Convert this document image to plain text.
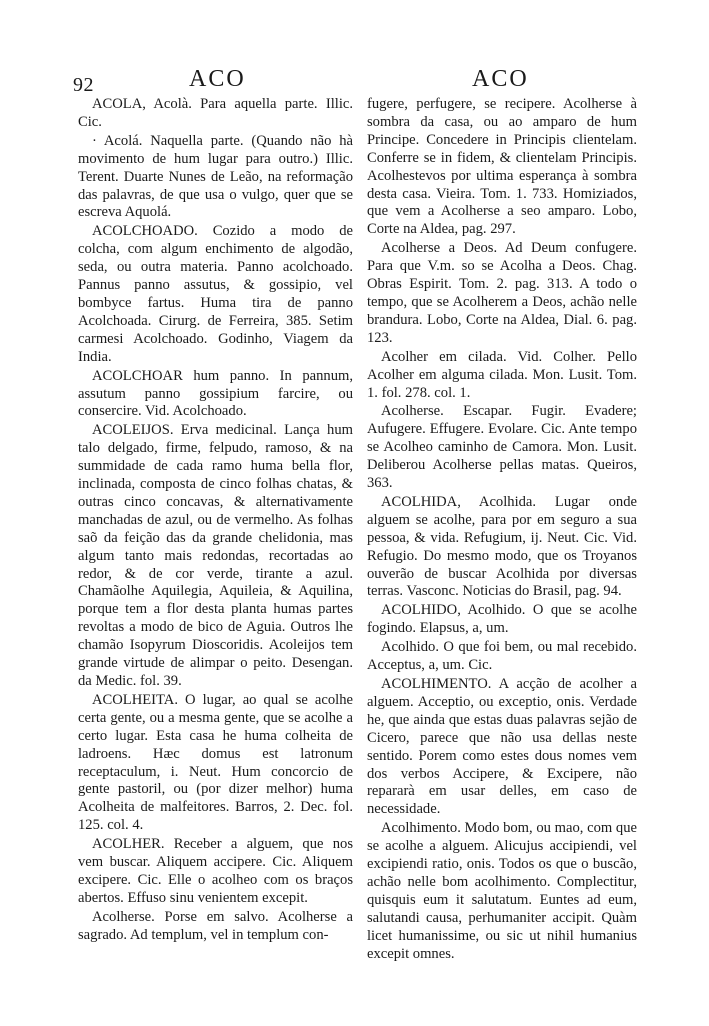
92	ACO	ACO

ACOLA, Acolà. Para aquella parte. Illic. Cic.

· Acolá. Naquella parte. (Quando não hà movimento de hum lugar para outro.) Illic. Terent. Duarte Nunes de Leão, na reformação das palavras, de que usa o vulgo, quer que se escreva Aquolá.

ACOLCHOADO. Cozido a modo de colcha, com algum enchimento de algodão, seda, ou outra materia. Panno acolchoado. Pannus panno assutus, & gossipio, vel bombyce fartus. Huma tira de panno Acolchoada. Cirurg. de Ferreira, 385. Setim carmesi Acolchoado. Godinho, Viagem da India.

ACOLCHOAR hum panno. In pannum, assutum panno gossipium farcire, ou consercire. Vid. Acolchoado.

ACOLEIJOS. Erva medicinal. Lança hum talo delgado, firme, felpudo, ramoso, & na summidade de cada ramo huma bella flor, inclinada, composta de cinco folhas chatas, & outras cinco concavas, & alternativamente manchadas de azul, ou de vermelho. As folhas saõ da feição das da grande chelidonia, mas algum tanto mais redondas, recortadas ao redor, & de cor verde, tirante a azul. Chamãolhe Aquilegia, Aquileia, & Aquilina, porque tem a flor desta planta humas partes revoltas a modo de bico de Aguia. Outros lhe chamão Isopyrum Dioscoridis. Acoleijos tem grande virtude de alimpar o peito. Desengan. da Medic. fol. 39.

ACOLHEITA. O lugar, ao qual se acolhe certa gente, ou a mesma gente, que se acolhe a certo lugar. Esta casa he huma colheita de ladroens. Hæc domus est latronum receptaculum, i. Neut. Hum concorcio de gente pastoril, ou (por dizer melhor) huma Acolheita de malfeitores. Barros, 2. Dec. fol. 125. col. 4.

ACOLHER. Receber a alguem, que nos vem buscar. Aliquem accipere. Cic. Aliquem excipere. Cic. Elle o acolheo com os braços abertos. Effuso sinu venientem excepit.

Acolherse. Porse em salvo. Acolherse a sagrado. Ad templum, vel in templum con-

fugere, perfugere, se recipere. Acolherse à sombra da casa, ou ao amparo de hum Principe. Concedere in Principis clientelam. Conferre se in fidem, & clientelam Principis. Acolhestevos por ultima esperança à sombra desta casa. Vieira. Tom. 1. 733. Homiziados, que vem a Acolherse a seo amparo. Lobo, Corte na Aldea, pag. 297.

Acolherse a Deos. Ad Deum confugere. Para que V.m. so se Acolha a Deos. Chag. Obras Espirit. Tom. 2. pag. 313. A todo o tempo, que se Acolherem a Deos, achão nelle brandura. Lobo, Corte na Aldea, Dial. 6. pag. 123.

Acolher em cilada. Vid. Colher. Pello Acolher em alguma cilada. Mon. Lusit. Tom. 1. fol. 278. col. 1.

Acolherse. Escapar. Fugir. Evadere; Aufugere. Effugere. Evolare. Cic. Ante tempo se Acolheo caminho de Camora. Mon. Lusit. Deliberou Acolherse pellas matas. Queiros, 363.

ACOLHIDA, Acolhida. Lugar onde alguem se acolhe, para por em seguro a sua pessoa, & vida. Refugium, ij. Neut. Cic. Vid. Refugio. Do mesmo modo, que os Troyanos ouverão de buscar Acolhida por diversas terras. Vasconc. Noticias do Brasil, pag. 94.

ACOLHIDO, Acolhido. O que se acolhe fogindo. Elapsus, a, um.

Acolhido. O que foi bem, ou mal recebido. Acceptus, a, um. Cic.

ACOLHIMENTO. A acção de acolher a alguem. Acceptio, ou exceptio, onis. Verdade he, que ainda que estas duas palavras sejão de Cicero, parece que não usa dellas neste sentido. Porem como estes dous nomes vem dos verbos Accipere, & Excipere, não repararà em usar delles, em caso de necessidade.

Acolhimento. Modo bom, ou mao, com que se acolhe a alguem. Alicujus accipiendi, vel excipiendi ratio, onis. Todos os que o buscão, achão nelle bom acolhimento. Complectitur, quisquis eum it salutatum. Euntes ad eum, salutandi causa, perhumaniter accipit. Quàm licet humanissime, ou sic ut nihil humanius excepit omnes.
